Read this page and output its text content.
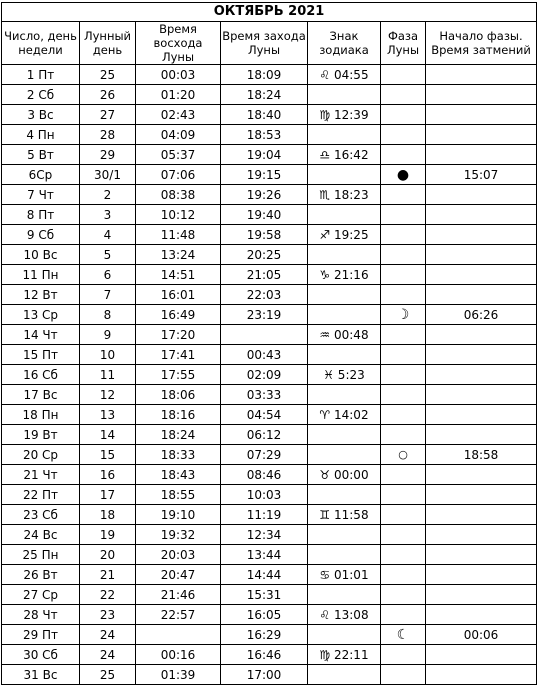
ОКТЯБРЬ 2021						
Число, день недели	Лунный день	Время восхода Луны	Время захода Луны	Знак зодиака	Фаза Луны	Начало фазы. Время затмений
1 Пт	25	00:03	18:09	♌ 04:55		
2 Сб	26	01:20	18:24			
3 Вс	27	02:43	18:40	♍ 12:39		
4 Пн	28	04:09	18:53			
5 Вт	29	05:37	19:04	♎ 16:42		
6Ср	30/1	07:06	19:15		●	15:07
7 Чт	2	08:38	19:26	♏ 18:23		
8 Пт	3	10:12	19:40			
9 Сб	4	11:48	19:58	♐ 19:25		
10 Вс	5	13:24	20:25			
11 Пн	6	14:51	21:05	♑ 21:16		
12 Вт	7	16:01	22:03			
13 Ср	8	16:49	23:19		☽	06:26
14 Чт	9	17:20		♒ 00:48		
15 Пт	10	17:41	00:43			
16 Сб	11	17:55	02:09	♓ 5:23		
17 Вс	12	18:06	03:33			
18 Пн	13	18:16	04:54	♈ 14:02		
19 Вт	14	18:24	06:12			
20 Ср	15	18:33	07:29		○	18:58
21 Чт	16	18:43	08:46	♉ 00:00		
22 Пт	17	18:55	10:03			
23 Сб	18	19:10	11:19	♊ 11:58		
24 Вс	19	19:32	12:34			
25 Пн	20	20:03	13:44			
26 Вт	21	20:47	14:44	♋ 01:01		
27 Ср	22	21:46	15:31			
28 Чт	23	22:57	16:05	♌ 13:08		
29 Пт	24		16:29		☾	00:06
30 Сб	24	00:16	16:46	♍ 22:11		
31 Вс	25	01:39	17:00			
